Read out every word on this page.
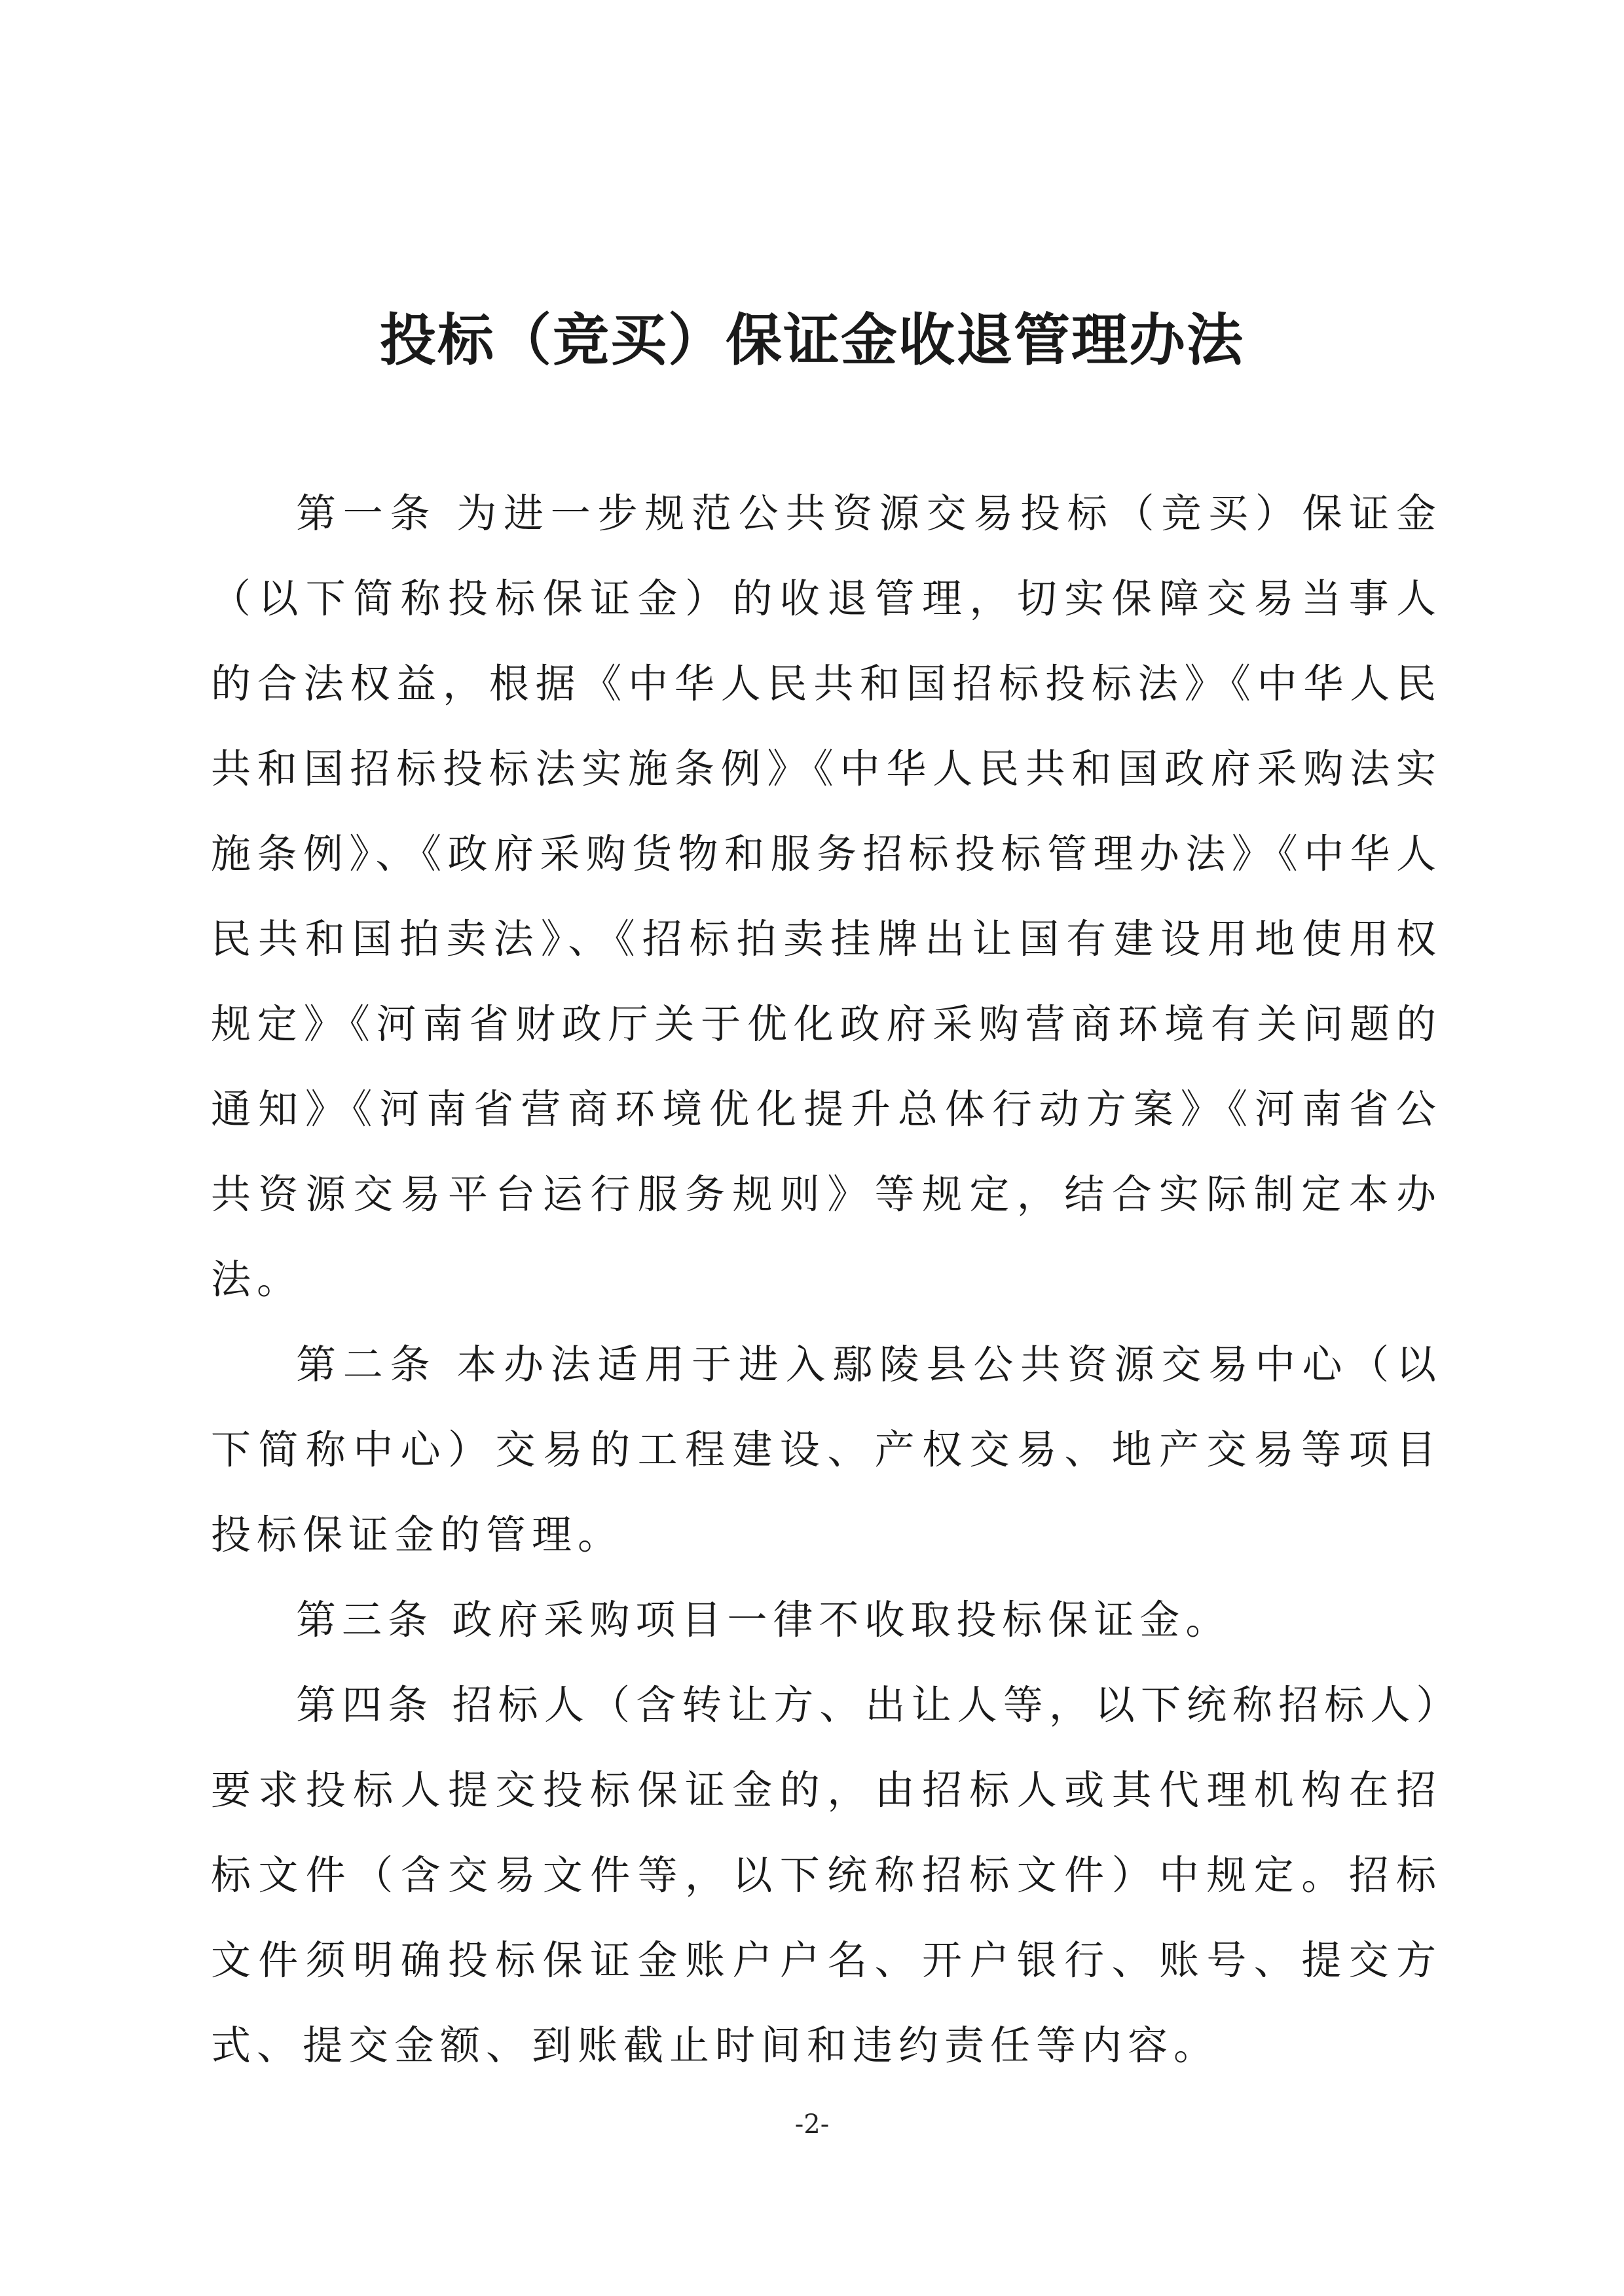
投标（竞买）保证金收退管理办法

第一条 为进一步规范公共资源交易投标（竞买）保证金（以下简称投标保证金）的收退管理，切实保障交易当事人的合法权益，根据《中华人民共和国招标投标法》《中华人民共和国招标投标法实施条例》《中华人民共和国政府采购法实施条例》、《政府采购货物和服务招标投标管理办法》《中华人民共和国拍卖法》、《招标拍卖挂牌出让国有建设用地使用权规定》《河南省财政厅关于优化政府采购营商环境有关问题的通知》《河南省营商环境优化提升总体行动方案》《河南省公共资源交易平台运行服务规则》等规定，结合实际制定本办法。

第二条 本办法适用于进入鄢陵县公共资源交易中心（以下简称中心）交易的工程建设、产权交易、地产交易等项目投标保证金的管理。

第三条 政府采购项目一律不收取投标保证金。

第四条 招标人（含转让方、出让人等，以下统称招标人）要求投标人提交投标保证金的，由招标人或其代理机构在招标文件（含交易文件等，以下统称招标文件）中规定。招标文件须明确投标保证金账户户名、开户银行、账号、提交方式、提交金额、到账截止时间和违约责任等内容。

-2-
